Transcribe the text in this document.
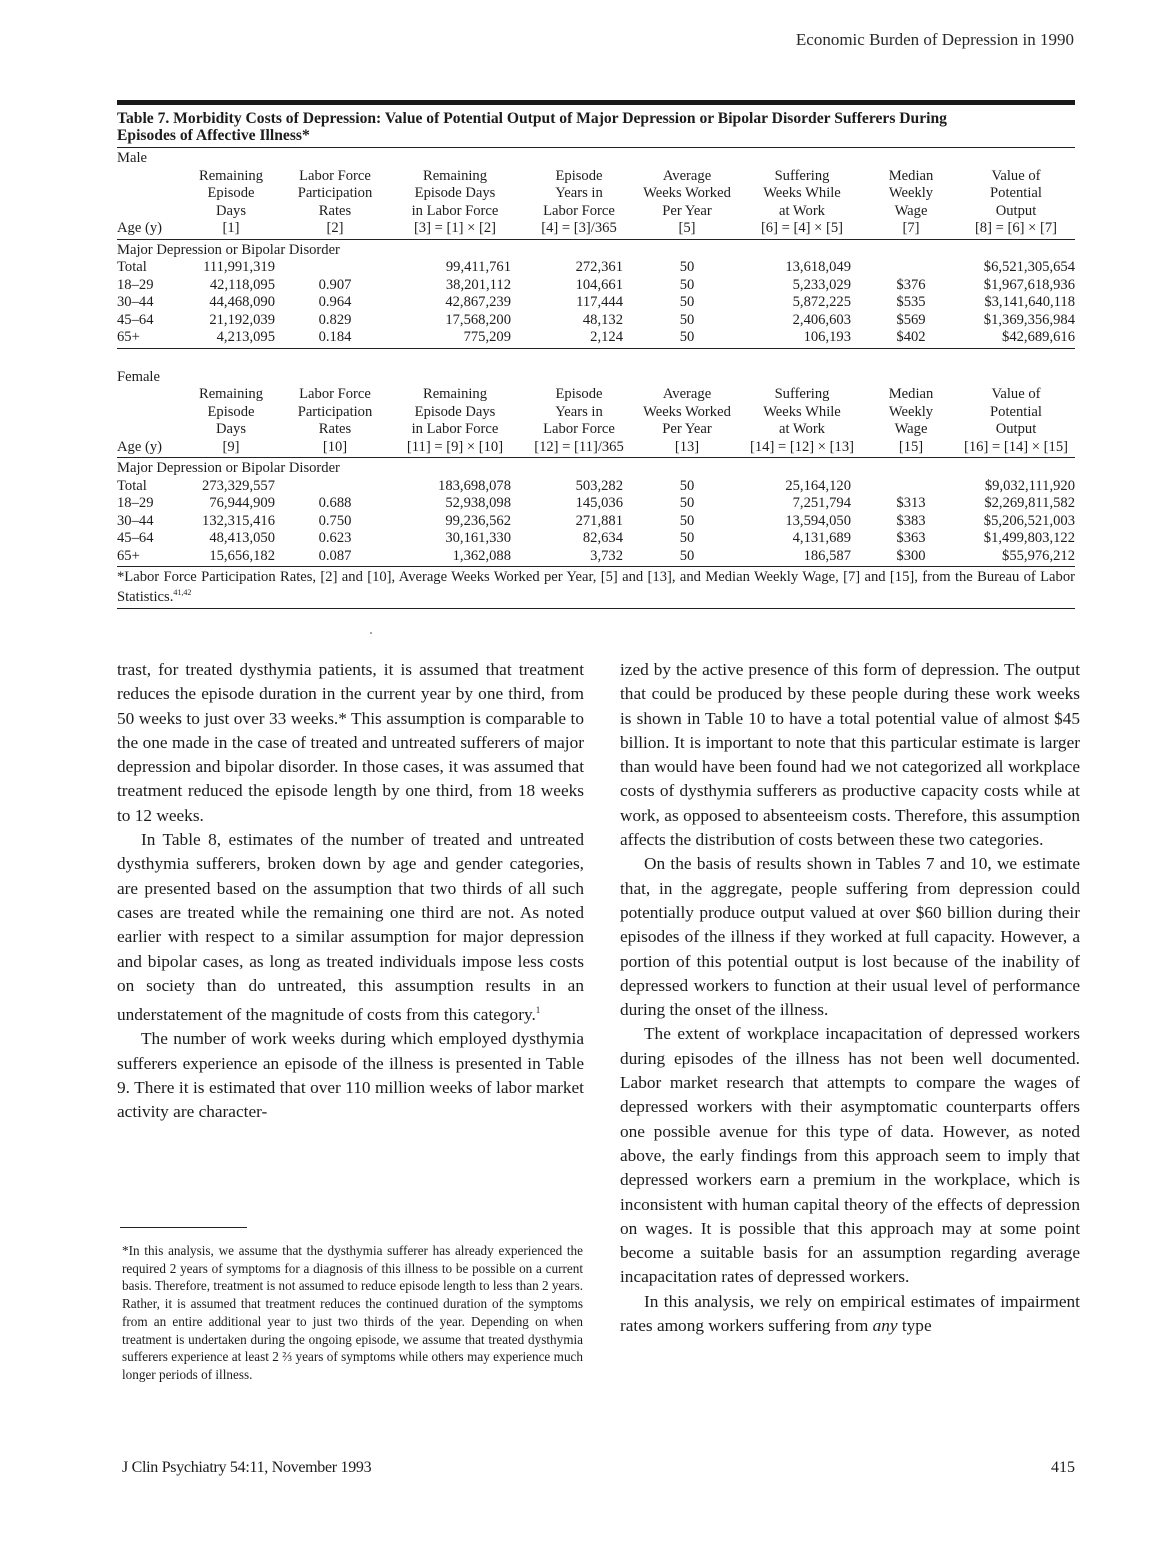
Economic Burden of Depression in 1990
Table 7. Morbidity Costs of Depression: Value of Potential Output of Major Depression or Bipolar Disorder Sufferers During
Episodes of Affective Illness*
Male								
	Remaining	Labor Force	Remaining	Episode	Average	Suffering	Median	Value of
	Episode	Participation	Episode Days	Years in	Weeks Worked	Weeks While	Weekly	Potential
	Days	Rates	in Labor Force	Labor Force	Per Year	at Work	Wage	Output
Age (y)	[1]	[2]	[3] = [1] × [2]	[4] = [3]/365	[5]	[6] = [4] × [5]	[7]	[8] = [6] × [7]
Major Depression or Bipolar Disorder								
Total	111,991,319		99,411,761	272,361	50	13,618,049		$6,521,305,654
18–29	42,118,095	0.907	38,201,112	104,661	50	5,233,029	$376	$1,967,618,936
30–44	44,468,090	0.964	42,867,239	117,444	50	5,872,225	$535	$3,141,640,118
45–64	21,192,039	0.829	17,568,200	48,132	50	2,406,603	$569	$1,369,356,984
65+	4,213,095	0.184	775,209	2,124	50	106,193	$402	$42,689,616

Female								
	Remaining	Labor Force	Remaining	Episode	Average	Suffering	Median	Value of
	Episode	Participation	Episode Days	Years in	Weeks Worked	Weeks While	Weekly	Potential
	Days	Rates	in Labor Force	Labor Force	Per Year	at Work	Wage	Output
Age (y)	[9]	[10]	[11] = [9] × [10]	[12] = [11]/365	[13]	[14] = [12] × [13]	[15]	[16] = [14] × [15]
Major Depression or Bipolar Disorder								
Total	273,329,557		183,698,078	503,282	50	25,164,120		$9,032,111,920
18–29	76,944,909	0.688	52,938,098	145,036	50	7,251,794	$313	$2,269,811,582
30–44	132,315,416	0.750	99,236,562	271,881	50	13,594,050	$383	$5,206,521,003
45–64	48,413,050	0.623	30,161,330	82,634	50	4,131,689	$363	$1,499,803,122
65+	15,656,182	0.087	1,362,088	3,732	50	186,587	$300	$55,976,212
*Labor Force Participation Rates, [2] and [10], Average Weeks Worked per Year, [5] and [13], and Median Weekly Wage, [7] and [15], from the Bureau of Labor Statistics.$^{41,42}$

trast, for treated dysthymia patients, it is assumed that treatment reduces the episode duration in the current year by one third, from 50 weeks to just over 33 weeks.* This assumption is comparable to the one made in the case of treated and untreated sufferers of major depression and bipolar disorder. In those cases, it was assumed that treatment reduced the episode length by one third, from 18 weeks to 12 weeks.

In Table 8, estimates of the number of treated and untreated dysthymia sufferers, broken down by age and gender categories, are presented based on the assumption that two thirds of all such cases are treated while the remaining one third are not. As noted earlier with respect to a similar assumption for major depression and bipolar cases, as long as treated individuals impose less costs on society than do untreated, this assumption results in an understatement of the magnitude of costs from this category.$^1$

The number of work weeks during which employed dysthymia sufferers experience an episode of the illness is presented in Table 9. There it is estimated that over 110 million weeks of labor market activity are character-

ized by the active presence of this form of depression. The output that could be produced by these people during these work weeks is shown in Table 10 to have a total potential value of almost $45 billion. It is important to note that this particular estimate is larger than would have been found had we not categorized all workplace costs of dysthymia sufferers as productive capacity costs while at work, as opposed to absenteeism costs. Therefore, this assumption affects the distribution of costs between these two categories.

On the basis of results shown in Tables 7 and 10, we estimate that, in the aggregate, people suffering from depression could potentially produce output valued at over $60 billion during their episodes of the illness if they worked at full capacity. However, a portion of this potential output is lost because of the inability of depressed workers to function at their usual level of performance during the onset of the illness.

The extent of workplace incapacitation of depressed workers during episodes of the illness has not been well documented. Labor market research that attempts to compare the wages of depressed workers with their asymptomatic counterparts offers one possible avenue for this type of data. However, as noted above, the early findings from this approach seem to imply that depressed workers earn a premium in the workplace, which is inconsistent with human capital theory of the effects of depression on wages. It is possible that this approach may at some point become a suitable basis for an assumption regarding average incapacitation rates of depressed workers.

In this analysis, we rely on empirical estimates of impairment rates among workers suffering from any type

*In this analysis, we assume that the dysthymia sufferer has already experienced the required 2 years of symptoms for a diagnosis of this illness to be possible on a current basis. Therefore, treatment is not assumed to reduce episode length to less than 2 years. Rather, it is assumed that treatment reduces the continued duration of the symptoms from an entire additional year to just two thirds of the year. Depending on when treatment is undertaken during the ongoing episode, we assume that treated dysthymia sufferers experience at least 2 ⅔ years of symptoms while others may experience much longer periods of illness.
J Clin Psychiatry 54:11, November 1993	415
